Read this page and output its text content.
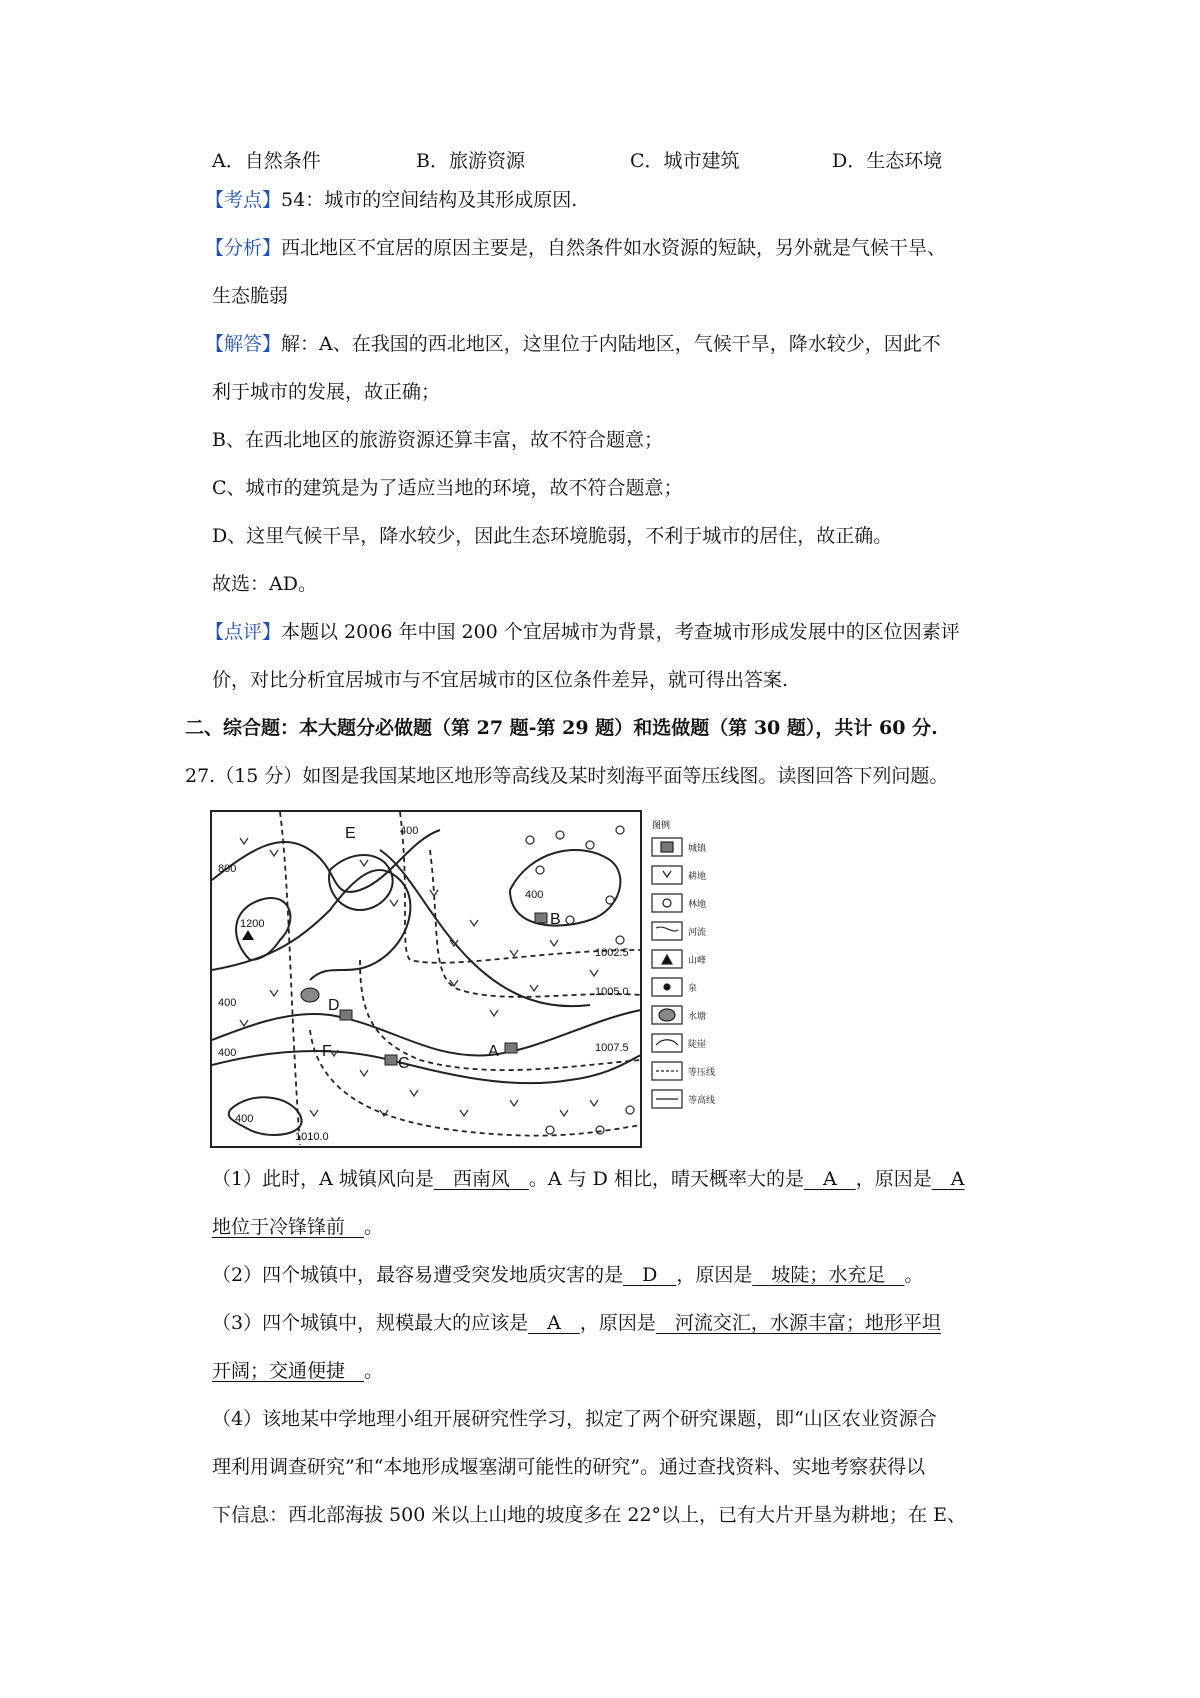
A．自然条件	B．旅游资源	C．城市建筑	D．生态环境
【考点】54：城市的空间结构及其形成原因.
【分析】西北地区不宜居的原因主要是，自然条件如水资源的短缺，另外就是气候干旱、
生态脆弱
【解答】解：A、在我国的西北地区，这里位于内陆地区，气候干旱，降水较少，因此不
利于城市的发展，故正确；
B、在西北地区的旅游资源还算丰富，故不符合题意；
C、城市的建筑是为了适应当地的环境，故不符合题意；
D、这里气候干旱，降水较少，因此生态环境脆弱，不利于城市的居住，故正确。
故选：AD。
【点评】本题以 2006 年中国 200 个宜居城市为背景，考查城市形成发展中的区位因素评
价，对比分析宜居城市与不宜居城市的区位条件差异，就可得出答案.
二、综合题：本大题分必做题（第 27 题-第 29 题）和选做题（第 30 题），共计 60 分.
27.（15 分）如图是我国某地区地形等高线及某时刻海平面等压线图。读图回答下列问题。
400
400
800
1200
400
400
400
1002.5
1005.0
1007.5
1010.0
E
B
D
F
C
A
图例
城镇
耕地
林地
河流
山峰
泉
水塘
陡崖
等压线
等高线
（1）此时，A 城镇风向是　西南风　。A 与 D 相比，晴天概率大的是　A　，原因是　A
地位于冷锋锋前　。
（2）四个城镇中，最容易遭受突发地质灾害的是　D　，原因是　坡陡；水充足　。
（3）四个城镇中，规模最大的应该是　A　，原因是　河流交汇，水源丰富；地形平坦
开阔；交通便捷　。
（4）该地某中学地理小组开展研究性学习，拟定了两个研究课题，即“山区农业资源合
理利用调查研究”和“本地形成堰塞湖可能性的研究”。通过查找资料、实地考察获得以
下信息：西北部海拔 500 米以上山地的坡度多在 22°以上，已有大片开垦为耕地；在 E、
